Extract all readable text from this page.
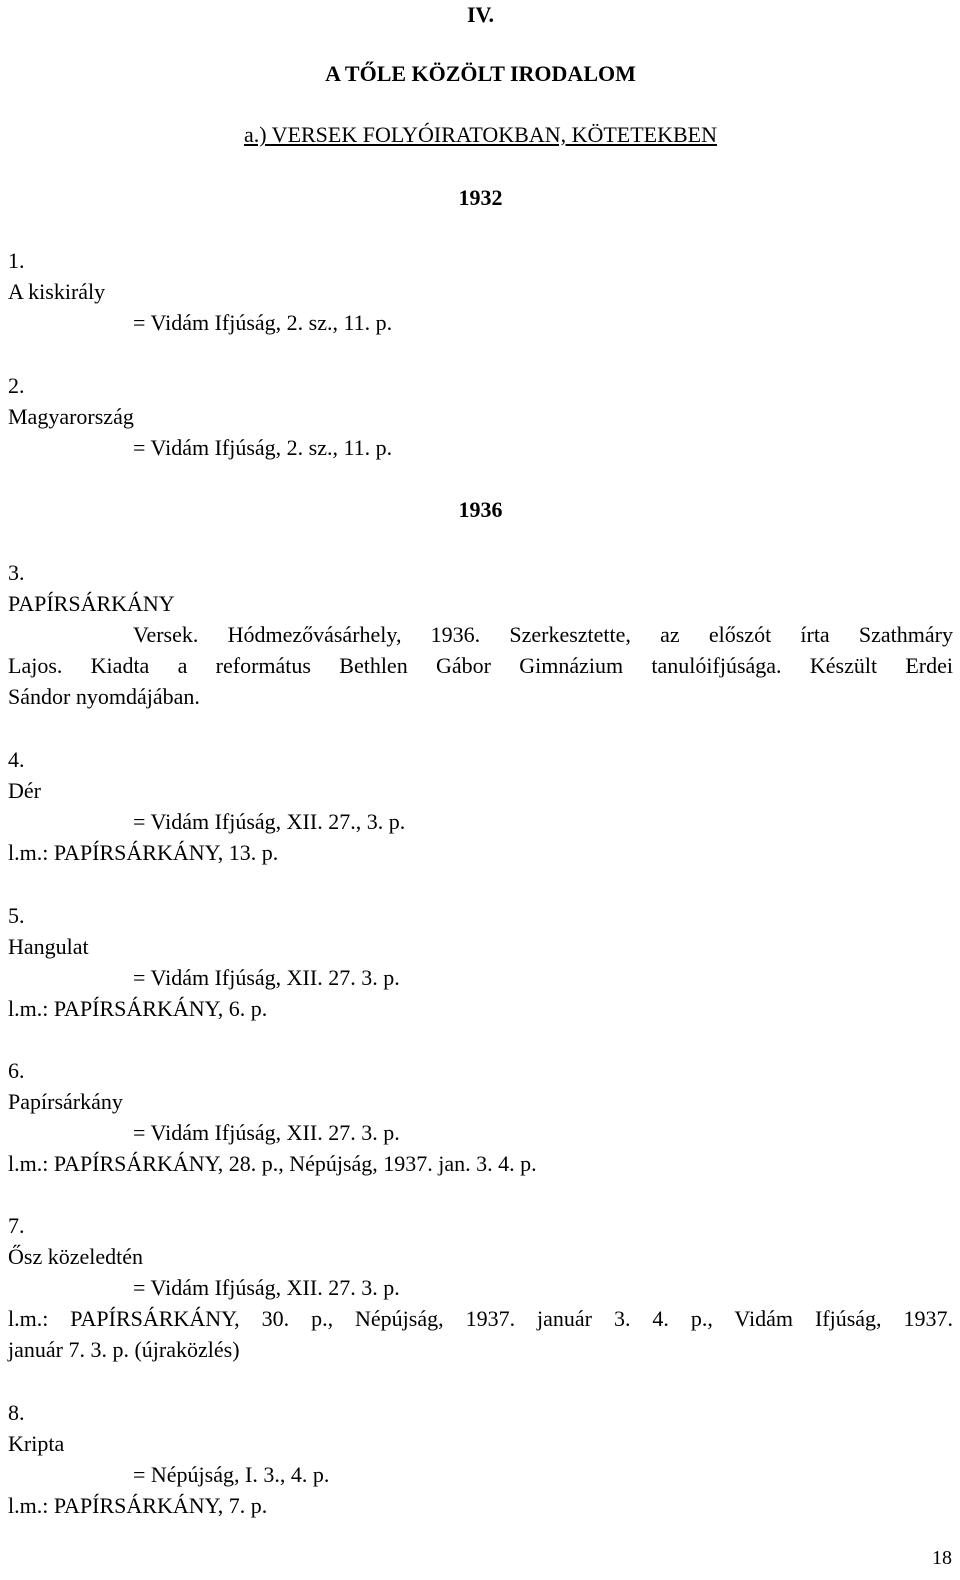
IV.
A TŐLE KÖZÖLT IRODALOM
a.) VERSEK FOLYÓIRATOKBAN, KÖTETEKBEN
1932
1.
A kiskirály
= Vidám Ifjúság, 2. sz., 11. p.
2.
Magyarország
= Vidám Ifjúság, 2. sz., 11. p.
1936
3.
PAPÍRSÁRKÁNY
Versek. Hódmezővásárhely, 1936. Szerkesztette, az előszót írta Szathmáry
Lajos. Kiadta a református Bethlen Gábor Gimnázium tanulóifjúsága. Készült Erdei
Sándor nyomdájában.
4.
Dér
= Vidám Ifjúság, XII. 27., 3. p.
l.m.: PAPÍRSÁRKÁNY, 13. p.
5.
Hangulat
= Vidám Ifjúság, XII. 27. 3. p.
l.m.: PAPÍRSÁRKÁNY, 6. p.
6.
Papírsárkány
= Vidám Ifjúság, XII. 27. 3. p.
l.m.: PAPÍRSÁRKÁNY, 28. p., Népújság, 1937. jan. 3. 4. p.
7.
Ősz közeledtén
= Vidám Ifjúság, XII. 27. 3. p.
l.m.: PAPÍRSÁRKÁNY, 30. p., Népújság, 1937. január 3. 4. p., Vidám Ifjúság, 1937.
január 7. 3. p. (újraközlés)
8.
Kripta
= Népújság, I. 3., 4. p.
l.m.: PAPÍRSÁRKÁNY, 7. p.
18
